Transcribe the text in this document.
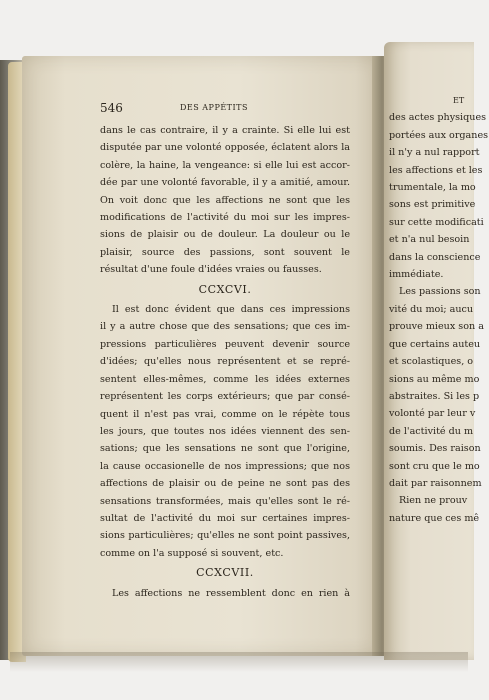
546	DES APPÉTITS
dans le cas contraire, il y a crainte. Si elle lui est
disputée par une volonté opposée, éclatent alors la
colère, la haine, la vengeance: si elle lui est accor-
dée par une volonté favorable, il y a amitié, amour.
On voit donc que les affections ne sont que les
modifications de l'activité du moi sur les impres-
sions de plaisir ou de douleur. La douleur ou le
plaisir, source des passions, sont souvent le
résultat d'une foule d'idées vraies ou fausses.
CCXCVI.
Il est donc évident que dans ces impressions
il y a autre chose que des sensations; que ces im-
pressions particulières peuvent devenir source
d'idées; qu'elles nous représentent et se repré-
sentent elles-mêmes, comme les idées externes
représentent les corps extérieurs; que par consé-
quent il n'est pas vrai, comme on le répète tous
les jours, que toutes nos idées viennent des sen-
sations; que les sensations ne sont que l'origine,
la cause occasionelle de nos impressions; que nos
affections de plaisir ou de peine ne sont pas des
sensations transformées, mais qu'elles sont le ré-
sultat de l'activité du moi sur certaines impres-
sions particulières; qu'elles ne sont point passives,
comme on l'a supposé si souvent, etc.
CCXCVII.
Les affections ne ressemblent donc en rien à
ET
des actes physiques
portées aux organes
il n'y a nul rapport
les affections et les
trumentale, la mo
sons est primitive
sur cette modificati
et n'a nul besoin
dans la conscience
immédiate.
Les passions son
vité du moi; aucu
prouve mieux son a
que certains auteu
et scolastiques, o
sions au même mo
abstraites. Si les p
volonté par leur v
de l'activité du m
soumis. Des raison
sont cru que le mo
dait par raisonnem
Rien ne prouv
nature que ces mê
